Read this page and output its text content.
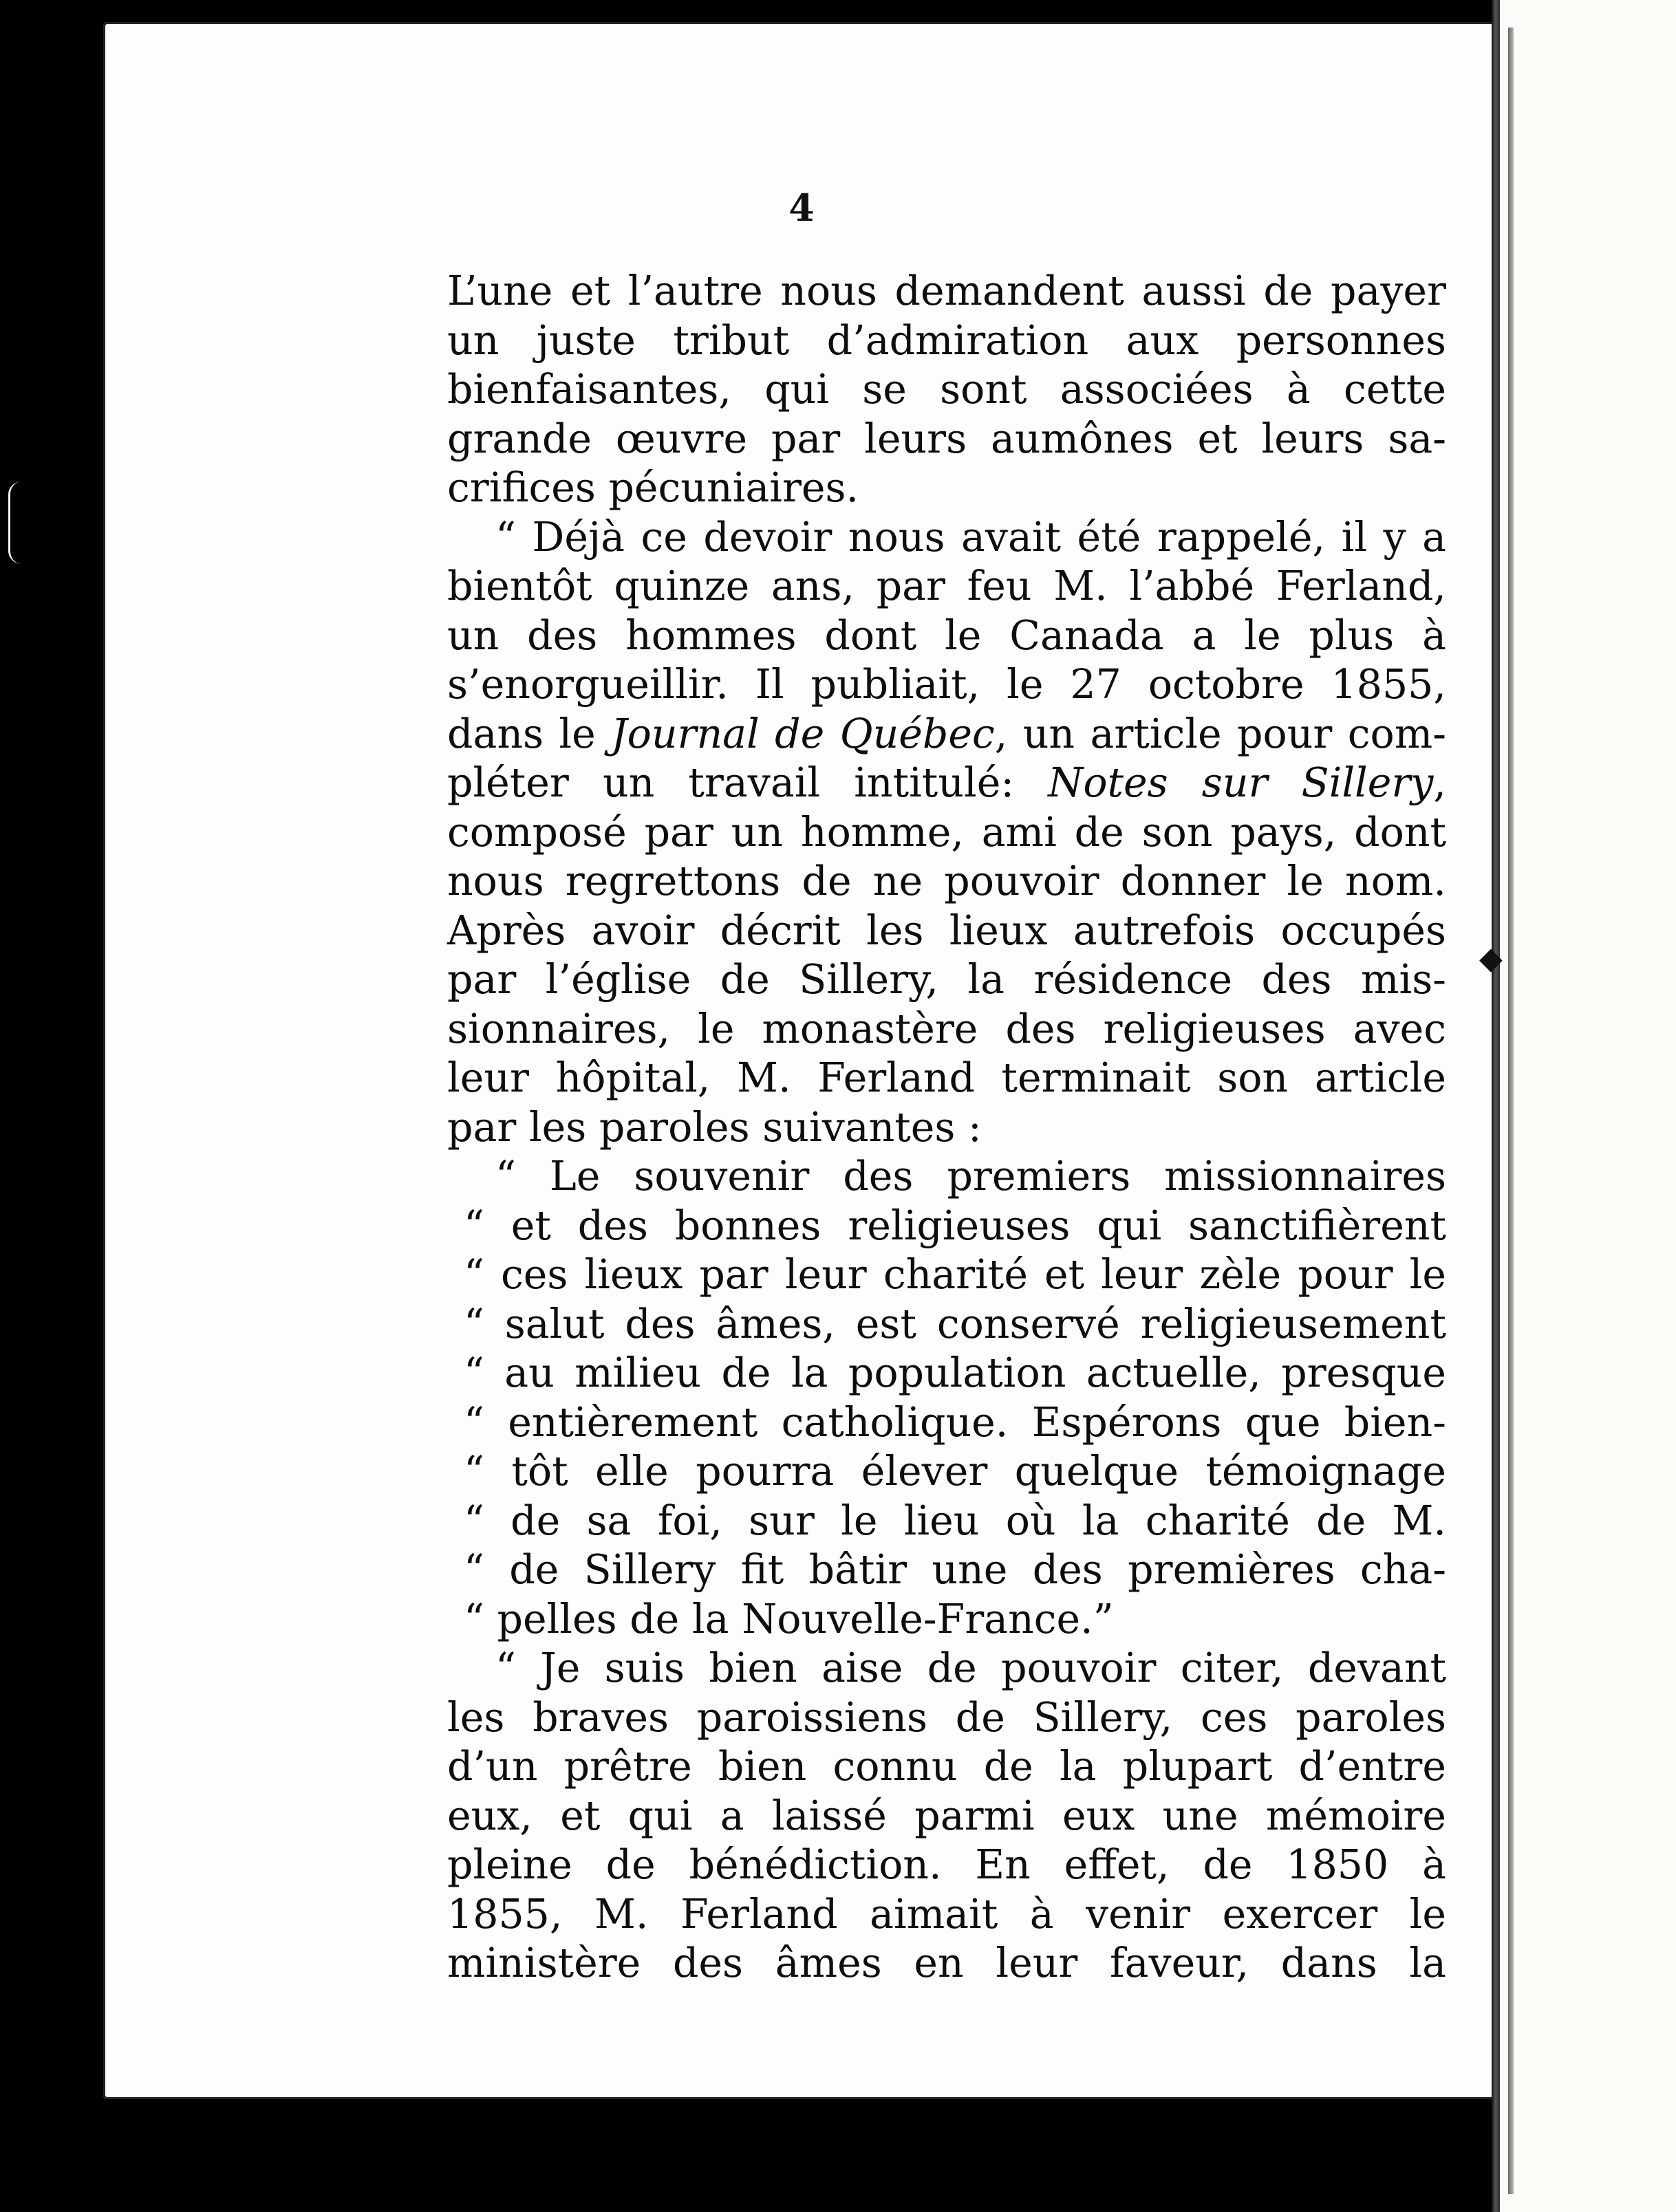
4
L’une et l’autre nous demandent aussi de payer
un juste tribut d’admiration aux personnes
bienfaisantes, qui se sont associées à cette
grande œuvre par leurs aumônes et leurs sa-
crifices pécuniaires.
“ Déjà ce devoir nous avait été rappelé, il y a
bientôt quinze ans, par feu M. l’abbé Ferland,
un des hommes dont le Canada a le plus à
s’enorgueillir. Il publiait, le 27 octobre 1855,
dans le Journal de Québec, un article pour com-
pléter un travail intitulé: Notes sur Sillery,
composé par un homme, ami de son pays, dont
nous regrettons de ne pouvoir donner le nom.
Après avoir décrit les lieux autrefois occupés
par l’église de Sillery, la résidence des mis-
sionnaires, le monastère des religieuses avec
leur hôpital, M. Ferland terminait son article
par les paroles suivantes :
“ Le souvenir des premiers missionnaires
“ et des bonnes religieuses qui sanctifièrent
“ ces lieux par leur charité et leur zèle pour le
“ salut des âmes, est conservé religieusement
“ au milieu de la population actuelle, presque
“ entièrement catholique. Espérons que bien-
“ tôt elle pourra élever quelque témoignage
“ de sa foi, sur le lieu où la charité de M.
“ de Sillery fit bâtir une des premières cha-
“ pelles de la Nouvelle-France.”
“ Je suis bien aise de pouvoir citer, devant
les braves paroissiens de Sillery, ces paroles
d’un prêtre bien connu de la plupart d’entre
eux, et qui a laissé parmi eux une mémoire
pleine de bénédiction. En effet, de 1850 à
1855, M. Ferland aimait à venir exercer le
ministère des âmes en leur faveur, dans la
◆
